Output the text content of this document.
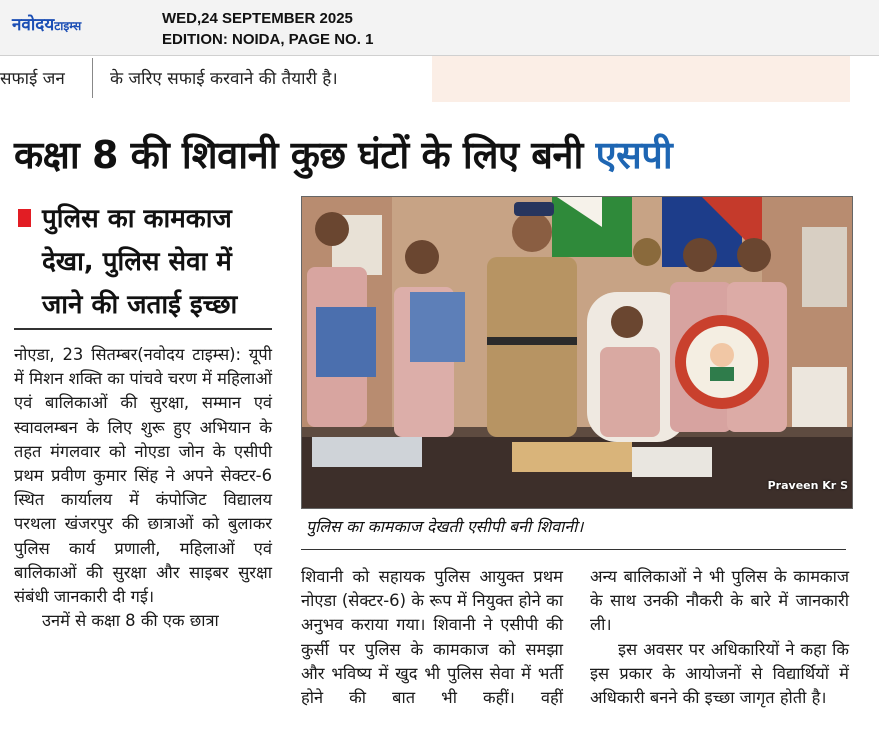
नवोदयटाइम्स	WED,24 SEPTEMBER 2025
EDITION: NOIDA, PAGE NO. 1
सफाई जन	के जरिए सफाई करवाने की तैयारी है।
कक्षा 8 की शिवानी कुछ घंटों के लिए बनी एसपी
पुलिस का कामकाज देखा, पुलिस सेवा में जाने की जताई इच्छा
Praveen Kr S
पुलिस का कामकाज देखती एसीपी बनी शिवानी।

नोएडा, 23 सितम्बर(नवोदय टाइम्स): यूपी में मिशन शक्ति का पांचवे चरण में महिलाओं एवं बालिकाओं की सुरक्षा, सम्मान एवं स्वावलम्बन के लिए शुरू हुए अभियान के तहत मंगलवार को नोएडा जोन के एसीपी प्रथम प्रवीण कुमार सिंह ने अपने सेक्टर-6 स्थित कार्यालय में कंपोजिट विद्यालय परथला खंजरपुर की छात्राओं को बुलाकर पुलिस कार्य प्रणाली, महिलाओं एवं बालिकाओं की सुरक्षा और साइबर सुरक्षा संबंधी जानकारी दी गई।

उनमें से कक्षा 8 की एक छात्रा

शिवानी को सहायक पुलिस आयुक्त प्रथम नोएडा (सेक्टर-6) के रूप में नियुक्त होने का अनुभव कराया गया। शिवानी ने एसीपी की कुर्सी पर पुलिस के कामकाज को समझा और भविष्य में खुद भी पुलिस सेवा में भर्ती होने की बात भी कहीं। वहीं

अन्य बालिकाओं ने भी पुलिस के कामकाज के साथ उनकी नौकरी के बारे में जानकारी ली।

इस अवसर पर अधिकारियों ने कहा कि इस प्रकार के आयोजनों से विद्यार्थियों में अधिकारी बनने की इच्छा जागृत होती है।
